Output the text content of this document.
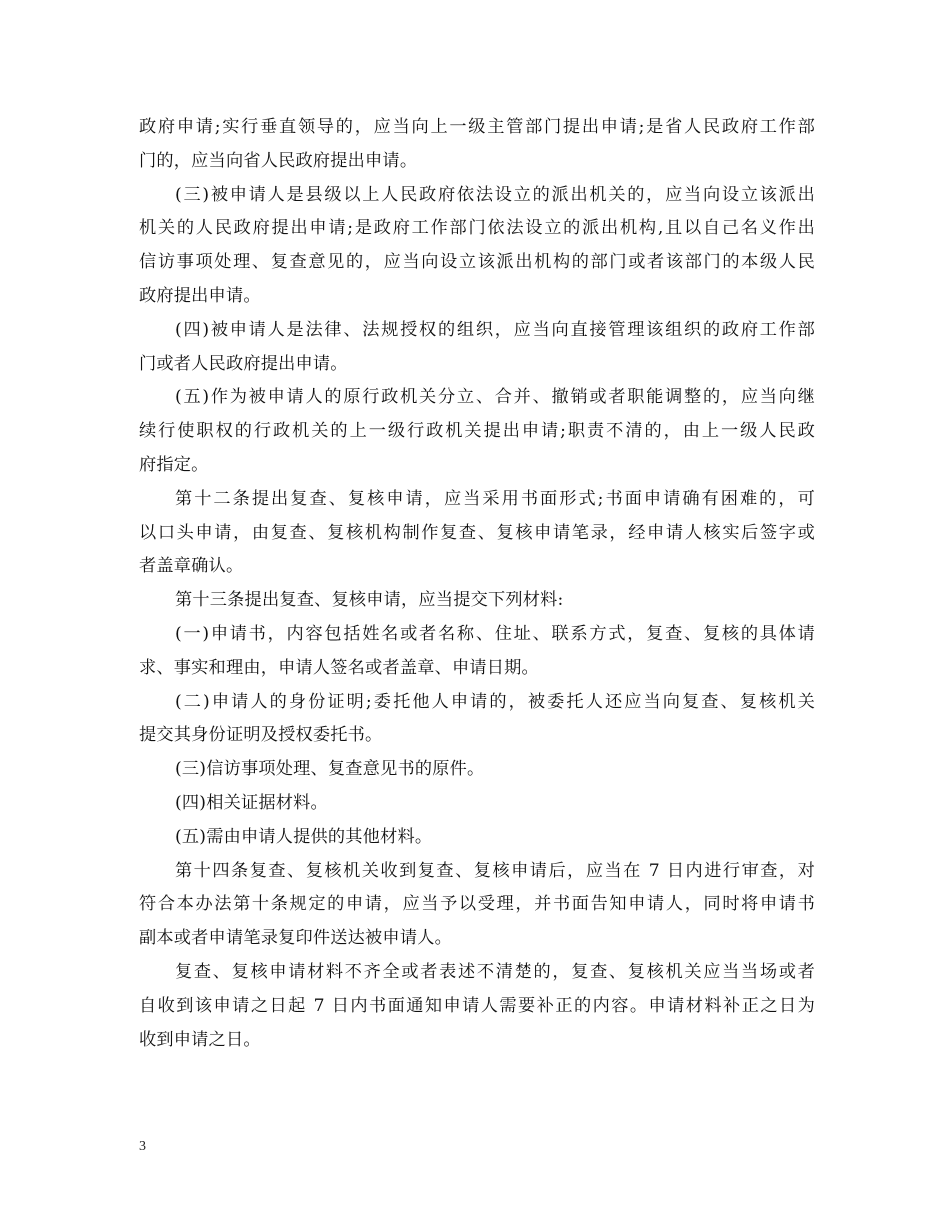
政府申请;实行垂直领导的，应当向上一级主管部门提出申请;是省人民政府工作部
门的，应当向省人民政府提出申请。
(三)被申请人是县级以上人民政府依法设立的派出机关的，应当向设立该派出
机关的人民政府提出申请;是政府工作部门依法设立的派出机构,且以自己名义作出
信访事项处理、复查意见的，应当向设立该派出机构的部门或者该部门的本级人民
政府提出申请。
(四)被申请人是法律、法规授权的组织，应当向直接管理该组织的政府工作部
门或者人民政府提出申请。
(五)作为被申请人的原行政机关分立、合并、撤销或者职能调整的，应当向继
续行使职权的行政机关的上一级行政机关提出申请;职责不清的，由上一级人民政
府指定。
第十二条提出复查、复核申请，应当采用书面形式;书面申请确有困难的，可
以口头申请，由复查、复核机构制作复查、复核申请笔录，经申请人核实后签字或
者盖章确认。
第十三条提出复查、复核申请，应当提交下列材料:
(一)申请书，内容包括姓名或者名称、住址、联系方式，复查、复核的具体请
求、事实和理由，申请人签名或者盖章、申请日期。
(二)申请人的身份证明;委托他人申请的，被委托人还应当向复查、复核机关
提交其身份证明及授权委托书。
(三)信访事项处理、复查意见书的原件。
(四)相关证据材料。
(五)需由申请人提供的其他材料。
第十四条复查、复核机关收到复查、复核申请后，应当在 7 日内进行审查，对
符合本办法第十条规定的申请，应当予以受理，并书面告知申请人，同时将申请书
副本或者申请笔录复印件送达被申请人。
复查、复核申请材料不齐全或者表述不清楚的，复查、复核机关应当当场或者
自收到该申请之日起 7 日内书面通知申请人需要补正的内容。申请材料补正之日为
收到申请之日。
3
